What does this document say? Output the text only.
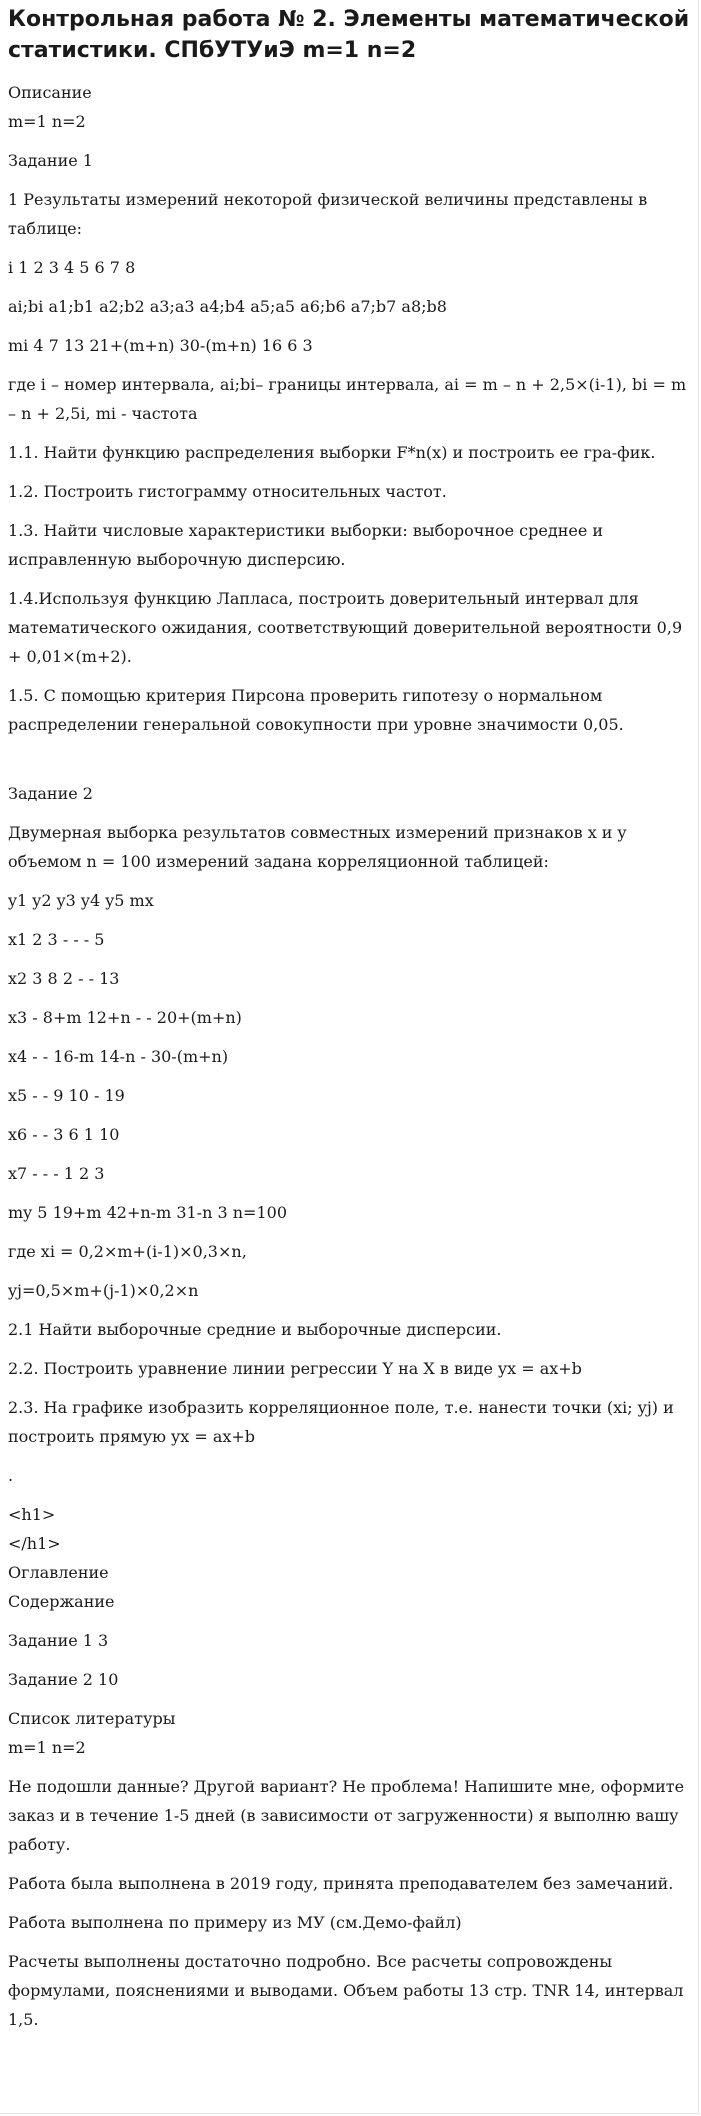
Контрольная работа № 2. Элементы математической статистики. СПбУТУиЭ m=1 n=2

Описание

m=1 n=2

Задание 1

1 Результаты измерений некоторой физической величины представлены в таблице:

i 1 2 3 4 5 6 7 8

ai;bi a1;b1 a2;b2 a3;a3 a4;b4 a5;a5 a6;b6 a7;b7 a8;b8

mi 4 7 13 21+(m+n) 30-(m+n) 16 6 3

где i – номер интервала, ai;bi– границы интервала, ai = m – n + 2,5×(i-1), bi = m – n + 2,5i, mi - частота

1.1. Найти функцию распределения выборки F*n(x) и построить ее гра-фик.

1.2. Построить гистограмму относительных частот.

1.3. Найти числовые характеристики выборки: выборочное среднее и исправленную выборочную дисперсию.

1.4.Используя функцию Лапласа, построить доверительный интервал для математического ожидания, соответствующий доверительной вероятности 0,9 + 0,01×(m+2).

1.5. С помощью критерия Пирсона проверить гипотезу о нормальном распределении генеральной совокупности при уровне значимости 0,05.

Задание 2

Двумерная выборка результатов совместных измерений признаков x и y объемом n = 100 измерений задана корреляционной таблицей:

y1 y2 y3 y4 y5 mx

x1 2 3 - - - 5

x2 3 8 2 - - 13

x3 - 8+m 12+n - - 20+(m+n)

x4 - - 16-m 14-n - 30-(m+n)

x5 - - 9 10 - 19

x6 - - 3 6 1 10

x7 - - - 1 2 3

my 5 19+m 42+n-m 31-n 3 n=100

где xi = 0,2×m+(i-1)×0,3×n,

yj=0,5×m+(j-1)×0,2×n

2.1 Найти выборочные средние и выборочные дисперсии.

2.2. Построить уравнение линии регрессии Y на X в виде yx = ax+b

2.3. На графике изобразить корреляционное поле, т.е. нанести точки (xi; yj) и построить прямую yx = ax+b

.

<h1>

</h1>

Оглавление

Содержание

Задание 1 3

Задание 2 10

Список литературы

m=1 n=2

Не подошли данные? Другой вариант? Не проблема! Напишите мне, оформите заказ и в течение 1-5 дней (в зависимости от загруженности) я выполню вашу работу.

Работа была выполнена в 2019 году, принята преподавателем без замечаний.

Работа выполнена по примеру из МУ (см.Демо-файл)

Расчеты выполнены достаточно подробно. Все расчеты сопровождены формулами, пояснениями и выводами. Объем работы 13 стр. TNR 14, интервал 1,5.
